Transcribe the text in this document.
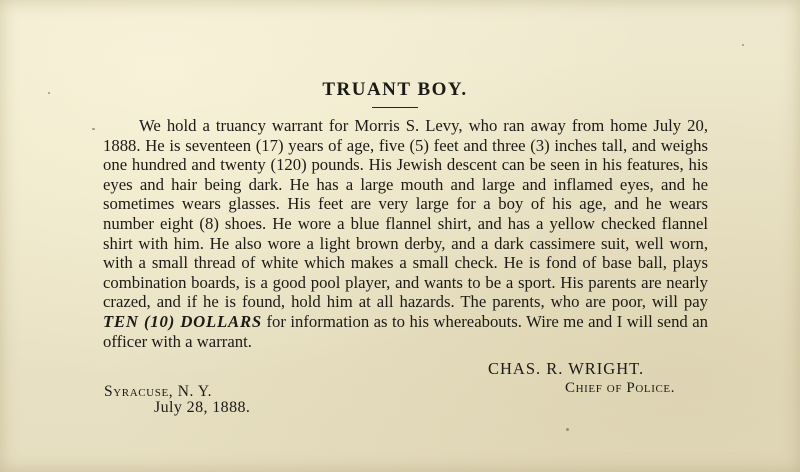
TRUANT BOY.

We hold a truancy warrant for Morris S. Levy, who ran away from home July 20, 1888. He is seventeen (17) years of age, five (5) feet and three (3) inches tall, and weighs one hundred and twenty (120) pounds. His Jewish descent can be seen in his features, his eyes and hair being dark. He has a large mouth and large and inflamed eyes, and he sometimes wears glasses. His feet are very large for a boy of his age, and he wears number eight (8) shoes. He wore a blue flannel shirt, and has a yellow checked flannel shirt with him. He also wore a light brown derby, and a dark cassimere suit, well worn, with a small thread of white which makes a small check. He is fond of base ball, plays combination boards, is a good pool player, and wants to be a sport. His parents are nearly crazed, and if he is found, hold him at all hazards. The parents, who are poor, will pay TEN (10) DOLLARS for information as to his whereabouts. Wire me and I will send an officer with a warrant.

CHAS. R. WRIGHT.

Chief of Police.

Syracuse, N. Y.

July 28, 1888.
